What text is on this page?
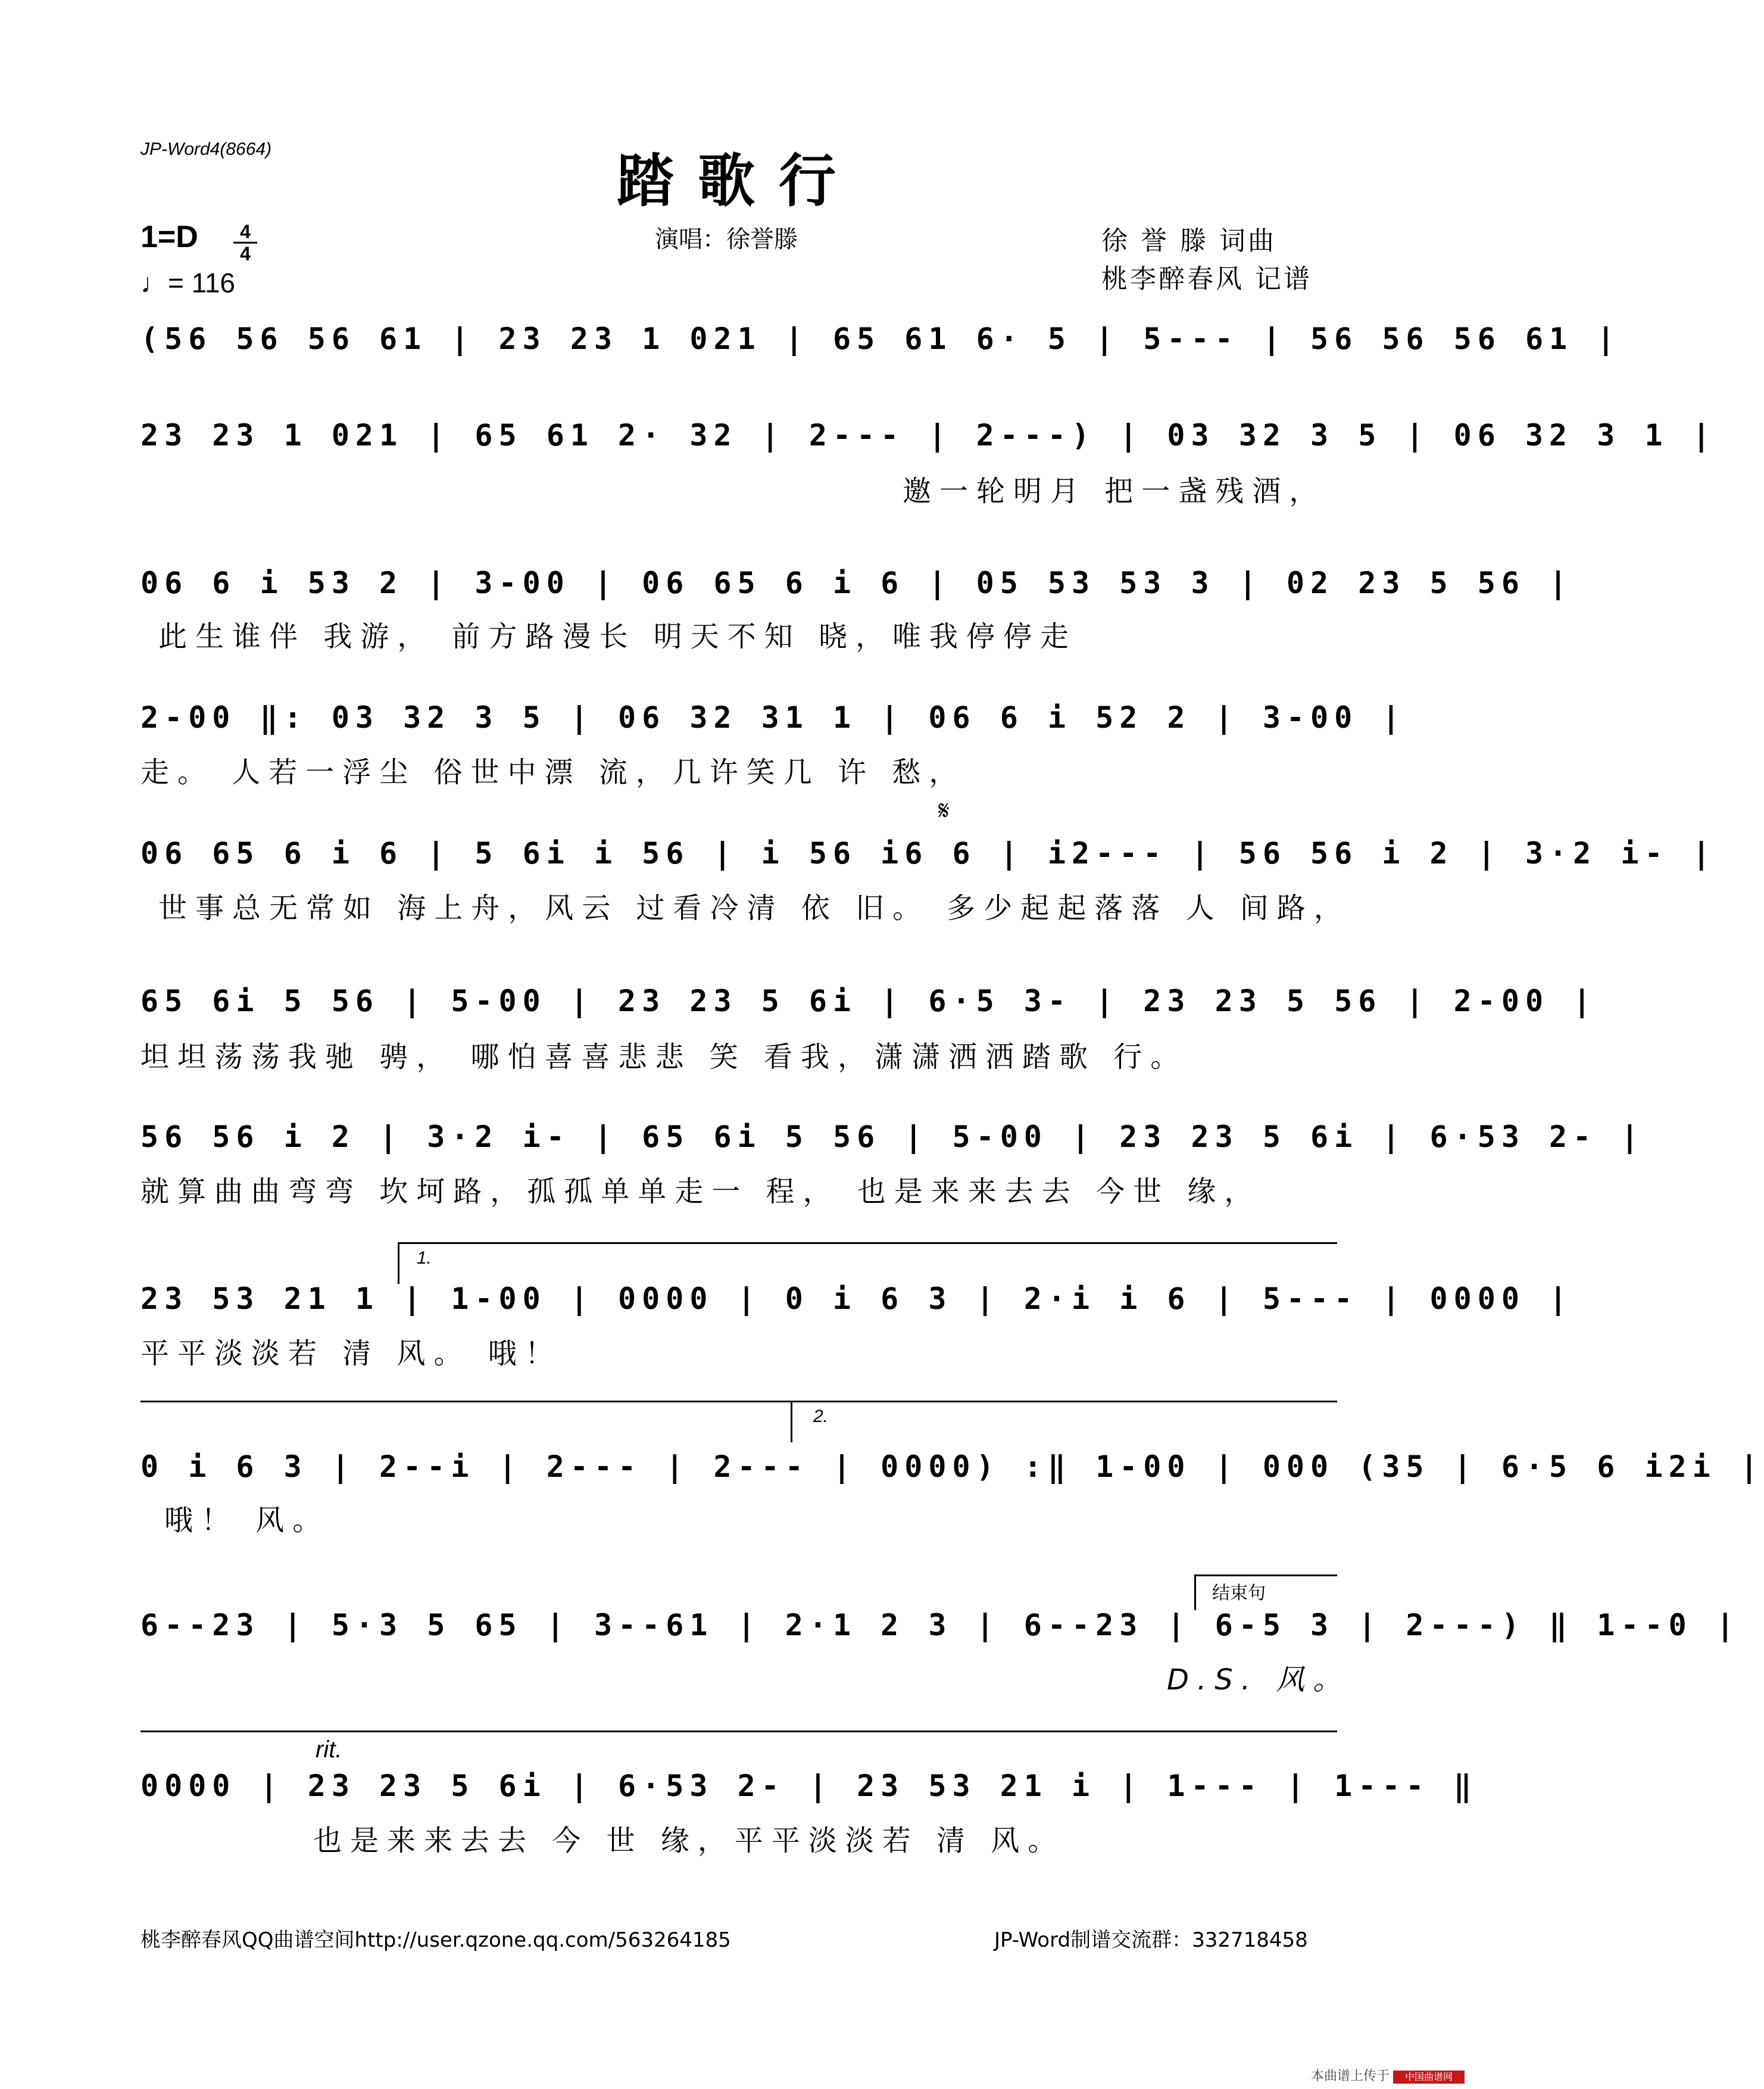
JP-Word4(8664)	踏歌行
1=D	4
4
♩= 116
演唱：徐誉滕	徐 誉 滕 词曲
桃李醉春风 记谱
(56 56 56 61 | 23 23 1 021 | 65 61 6· 5 | 5--- | 56 56 56 61 |
23 23 1 021 | 65 61 2· 32 | 2--- | 2---) | 03 32 3 5 | 06 32 3 1 |
邀一轮明月 把一盏残酒，
06 6 i 53 2 | 3-00 | 06 65 6 i 6 | 05 53 53 3 | 02 23 5 56 |
此生谁伴 我游， 前方路漫长 明天不知 晓，唯我停停走
2-00 ‖: 03 32 3 5 | 06 32 31 1 | 06 6 i 52 2 | 3-00 |
走。 人若一浮尘 俗世中漂 流，几许笑几 许 愁，
𝄋
06 65 6 i 6 | 5 6i i 56 | i 56 i6 6 | i2--- | 56 56 i 2 | 3·2 i- |
世事总无常如 海上舟，风云 过看冷清 依 旧。 多少起起落落 人 间路，
65 6i 5 56 | 5-00 | 23 23 5 6i | 6·5 3- | 23 23 5 56 | 2-00 |
坦坦荡荡我驰 骋， 哪怕喜喜悲悲 笑 看我，潇潇洒洒踏歌 行。
56 56 i 2 | 3·2 i- | 65 6i 5 56 | 5-00 | 23 23 5 6i | 6·53 2- |
就算曲曲弯弯 坎坷路，孤孤单单走一 程， 也是来来去去 今世 缘，
1.
23 53 21 1 | 1-00 | 0000 | 0 i 6 3 | 2·i i 6 | 5--- | 0000 |
平平淡淡若 清 风。 哦！
2.
0 i 6 3 | 2--i | 2--- | 2--- | 0000) :‖ 1-00 | 000 (35 | 6·5 6 i2i |
哦！ 风。
结束句
6--23 | 5·3 5 65 | 3--61 | 2·1 2 3 | 6--23 | 6-5 3 | 2---) ‖ 1--0 |
D.S. 风。
rit.
0000 | 23 23 5 6i | 6·53 2- | 23 53 21 i | 1--- | 1--- ‖
也是来来去去 今 世 缘，平平淡淡若 清 风。
桃李醉春风QQ曲谱空间http://user.qzone.qq.com/563264185	JP-Word制谱交流群：332718458
本曲谱上传于 中国曲谱网
